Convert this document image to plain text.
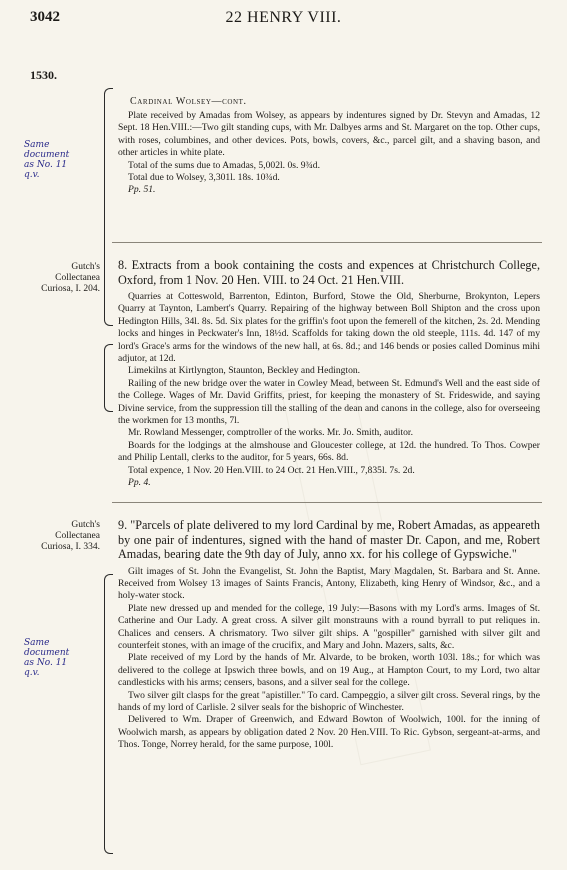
3042	22 HENRY VIII.
1530.
Same
document
as No. 11
q.v.
Gutch's
Collectanea
Curiosa, I. 204.
Gutch's
Collectanea
Curiosa, I. 334.
Same
document
as No. 11
q.v.
Cardinal Wolsey—cont.

Plate received by Amadas from Wolsey, as appears by indentures signed by Dr. Stevyn and Amadas, 12 Sept. 18 Hen.VIII.:—Two gilt standing cups, with Mr. Dalbyes arms and St. Margaret on the top. Other cups, with roses, columbines, and other devices. Pots, bowls, covers, &c., parcel gilt, and a shaving bason, and other articles in white plate.

Total of the sums due to Amadas, 5,002l. 0s. 9¾d.

Total due to Wolsey, 3,301l. 18s. 10¾d.

Pp. 51.

8. Extracts from a book containing the costs and expences at Christchurch College, Oxford, from 1 Nov. 20 Hen. VIII. to 24 Oct. 21 Hen.VIII.

Quarries at Cotteswold, Barrenton, Edinton, Burford, Stowe the Old, Sherburne, Brokynton, Lepers Quarry at Taynton, Lambert's Quarry. Repairing of the highway between Boll Shipton and the cross upon Hedington Hills, 34l. 8s. 5d. Six plates for the griffin's foot upon the femerell of the kitchen, 2s. 2d. Mending locks and hinges in Peckwater's Inn, 18½d. Scaffolds for taking down the old steeple, 111s. 4d. 147 of my lord's Grace's arms for the windows of the new hall, at 6s. 8d.; and 146 bends or posies called Dominus mihi adjutor, at 12d.

Limekilns at Kirtlyngton, Staunton, Beckley and Hedington.

Railing of the new bridge over the water in Cowley Mead, between St. Edmund's Well and the east side of the College. Wages of Mr. David Griffits, priest, for keeping the monastery of St. Frideswide, and saying Divine service, from the suppression till the stalling of the dean and canons in the college, also for overseeing the workmen for 13 months, 7l.

Mr. Rowland Messenger, comptroller of the works. Mr. Jo. Smith, auditor.

Boards for the lodgings at the almshouse and Gloucester college, at 12d. the hundred. To Thos. Cowper and Philip Lentall, clerks to the auditor, for 5 years, 66s. 8d.

Total expence, 1 Nov. 20 Hen.VIII. to 24 Oct. 21 Hen.VIII., 7,835l. 7s. 2d.

Pp. 4.

9. "Parcels of plate delivered to my lord Cardinal by me, Robert Amadas, as appeareth by one pair of indentures, signed with the hand of master Dr. Capon, and me, Robert Amadas, bearing date the 9th day of July, anno xx. for his college of Gypswiche."

Gilt images of St. John the Evangelist, St. John the Baptist, Mary Magdalen, St. Barbara and St. Anne. Received from Wolsey 13 images of Saints Francis, Antony, Elizabeth, king Henry of Windsor, &c., and a holy-water stock.

Plate new dressed up and mended for the college, 19 July:—Basons with my Lord's arms. Images of St. Catherine and Our Lady. A great cross. A silver gilt monstrauns with a round byrrall to put reliques in. Chalices and censers. A chrismatory. Two silver gilt ships. A "gospiller" garnished with silver gilt and counterfeit stones, with an image of the crucifix, and Mary and John. Mazers, salts, &c.

Plate received of my Lord by the hands of Mr. Alvarde, to be broken, worth 103l. 18s.; for which was delivered to the college at Ipswich three bowls, and on 19 Aug., at Hampton Court, to my Lord, two altar candlesticks with his arms; censers, basons, and a silver seal for the college.

Two silver gilt clasps for the great "apistiller." To card. Campeggio, a silver gilt cross. Several rings, by the hands of my lord of Carlisle. 2 silver seals for the bishopric of Winchester.

Delivered to Wm. Draper of Greenwich, and Edward Bowton of Woolwich, 100l. for the inning of Woolwich marsh, as appears by obligation dated 2 Nov. 20 Hen.VIII. To Ric. Gybson, sergeant-at-arms, and Thos. Tonge, Norrey herald, for the same purpose, 100l.
